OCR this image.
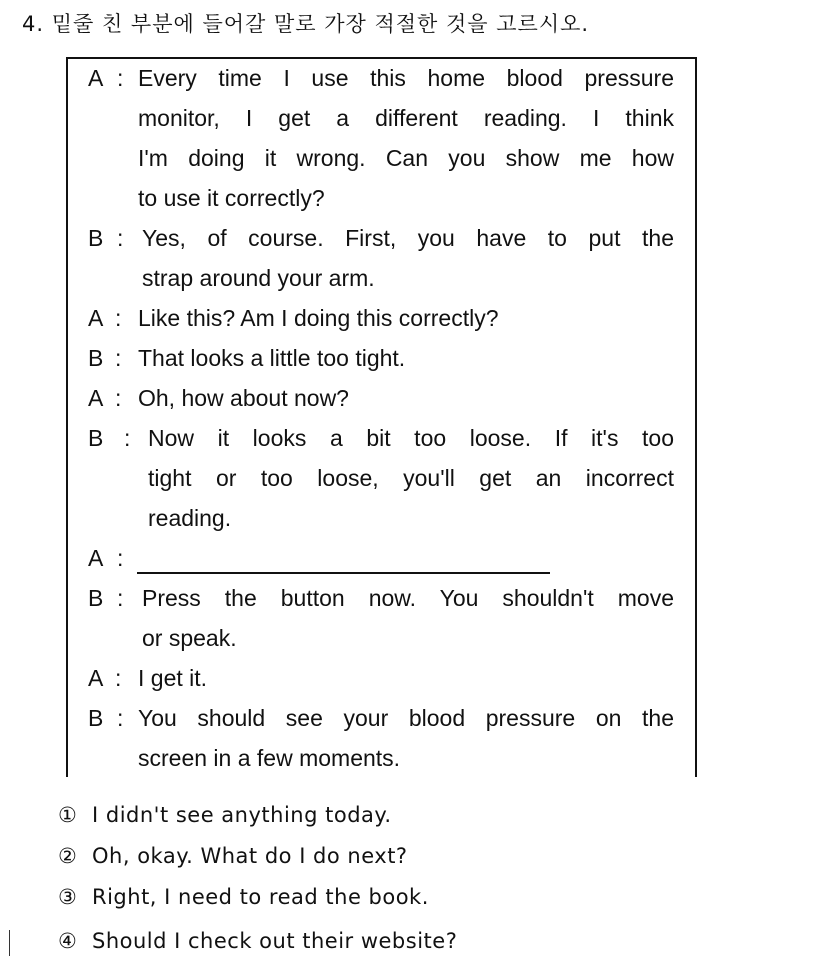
4. 밑줄 친 부분에 들어갈 말로 가장 적절한 것을 고르시오.
A : Every time I use this home blood pressure
monitor, I get a different reading. I think
I'm doing it wrong. Can you show me how
to use it correctly?
B : Yes, of course. First, you have to put the
strap around your arm.
A : Like this? Am I doing this correctly?
B : That looks a little too tight.
A : Oh, how about now?
B : Now it looks a bit too loose. If it's too
tight or too loose, you'll get an incorrect
reading.
A :
B : Press the button now. You shouldn't move
or speak.
A : I get it.
B : You should see your blood pressure on the
screen in a few moments.
① I didn't see anything today.
② Oh, okay. What do I do next?
③ Right, I need to read the book.
④ Should I check out their website?
